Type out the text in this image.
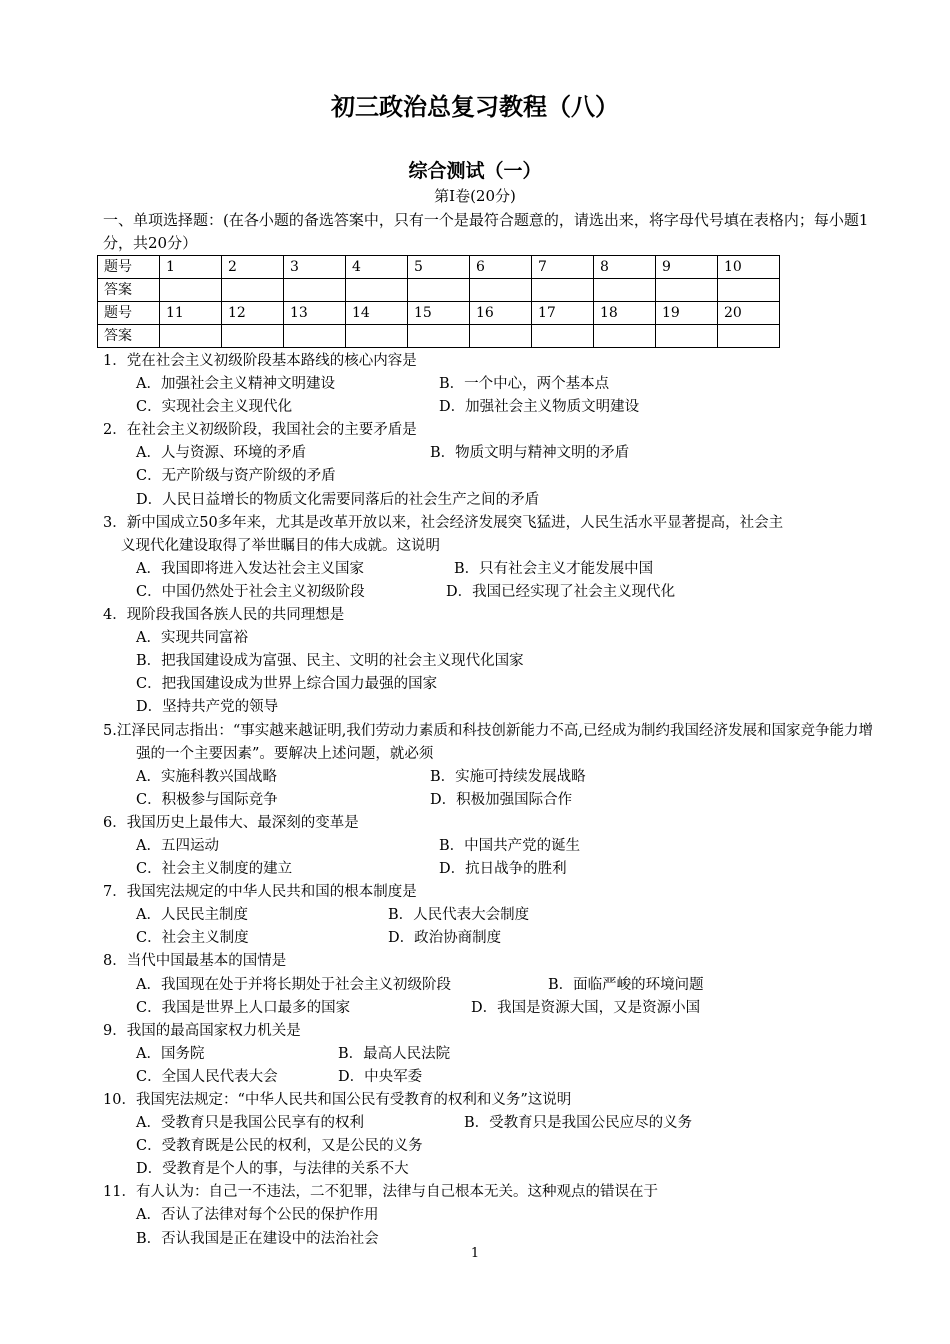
初三政治总复习教程（八）
综合测试（一）
第Ⅰ卷(20分)
一、单项选择题：(在各小题的备选答案中，只有一个是最符合题意的，请选出来，将字母代号填在表格内；每小题1分，共20分）
题号	1	2	3	4	5	6	7	8	9	10
答案										
题号	11	12	13	14	15	16	17	18	19	20
答案										
1．党在社会主义初级阶段基本路线的核心内容是
A．加强社会主义精神文明建设	B．一个中心，两个基本点
C．实现社会主义现代化	D．加强社会主义物质文明建设
2．在社会主义初级阶段，我国社会的主要矛盾是
A．人与资源、环境的矛盾	B．物质文明与精神文明的矛盾
C．无产阶级与资产阶级的矛盾
D．人民日益增长的物质文化需要同落后的社会生产之间的矛盾
3．新中国成立50多年来，尤其是改革开放以来，社会经济发展突飞猛进，人民生活水平显著提高，社会主义现代化建设取得了举世瞩目的伟大成就。这说明
A．我国即将进入发达社会主义国家	B．只有社会主义才能发展中国
C．中国仍然处于社会主义初级阶段	D．我国已经实现了社会主义现代化
4．现阶段我国各族人民的共同理想是
A．实现共同富裕
B．把我国建设成为富强、民主、文明的社会主义现代化国家
C．把我国建设成为世界上综合国力最强的国家
D．坚持共产党的领导
5.江泽民同志指出：“事实越来越证明,我们劳动力素质和科技创新能力不高,已经成为制约我国经济发展和国家竞争能力增强的一个主要因素”。要解决上述问题，就必须
A．实施科教兴国战略	B．实施可持续发展战略
C．积极参与国际竞争	D．积极加强国际合作
6．我国历史上最伟大、最深刻的变革是
A．五四运动	B．中国共产党的诞生
C．社会主义制度的建立	D．抗日战争的胜利
7．我国宪法规定的中华人民共和国的根本制度是
A．人民民主制度	B．人民代表大会制度
C．社会主义制度	D．政治协商制度
8．当代中国最基本的国情是
A．我国现在处于并将长期处于社会主义初级阶段	B．面临严峻的环境问题
C．我国是世界上人口最多的国家	D．我国是资源大国，又是资源小国
9．我国的最高国家权力机关是
A．国务院	B．最高人民法院
C．全国人民代表大会	D．中央军委
10．我国宪法规定：“中华人民共和国公民有受教育的权利和义务”这说明
A．受教育只是我国公民享有的权利	B．受教育只是我国公民应尽的义务
C．受教育既是公民的权利，又是公民的义务
D．受教育是个人的事，与法律的关系不大
11．有人认为：自己一不违法，二不犯罪，法律与自己根本无关。这种观点的错误在于
A．否认了法律对每个公民的保护作用
B．否认我国是正在建设中的法治社会
1
